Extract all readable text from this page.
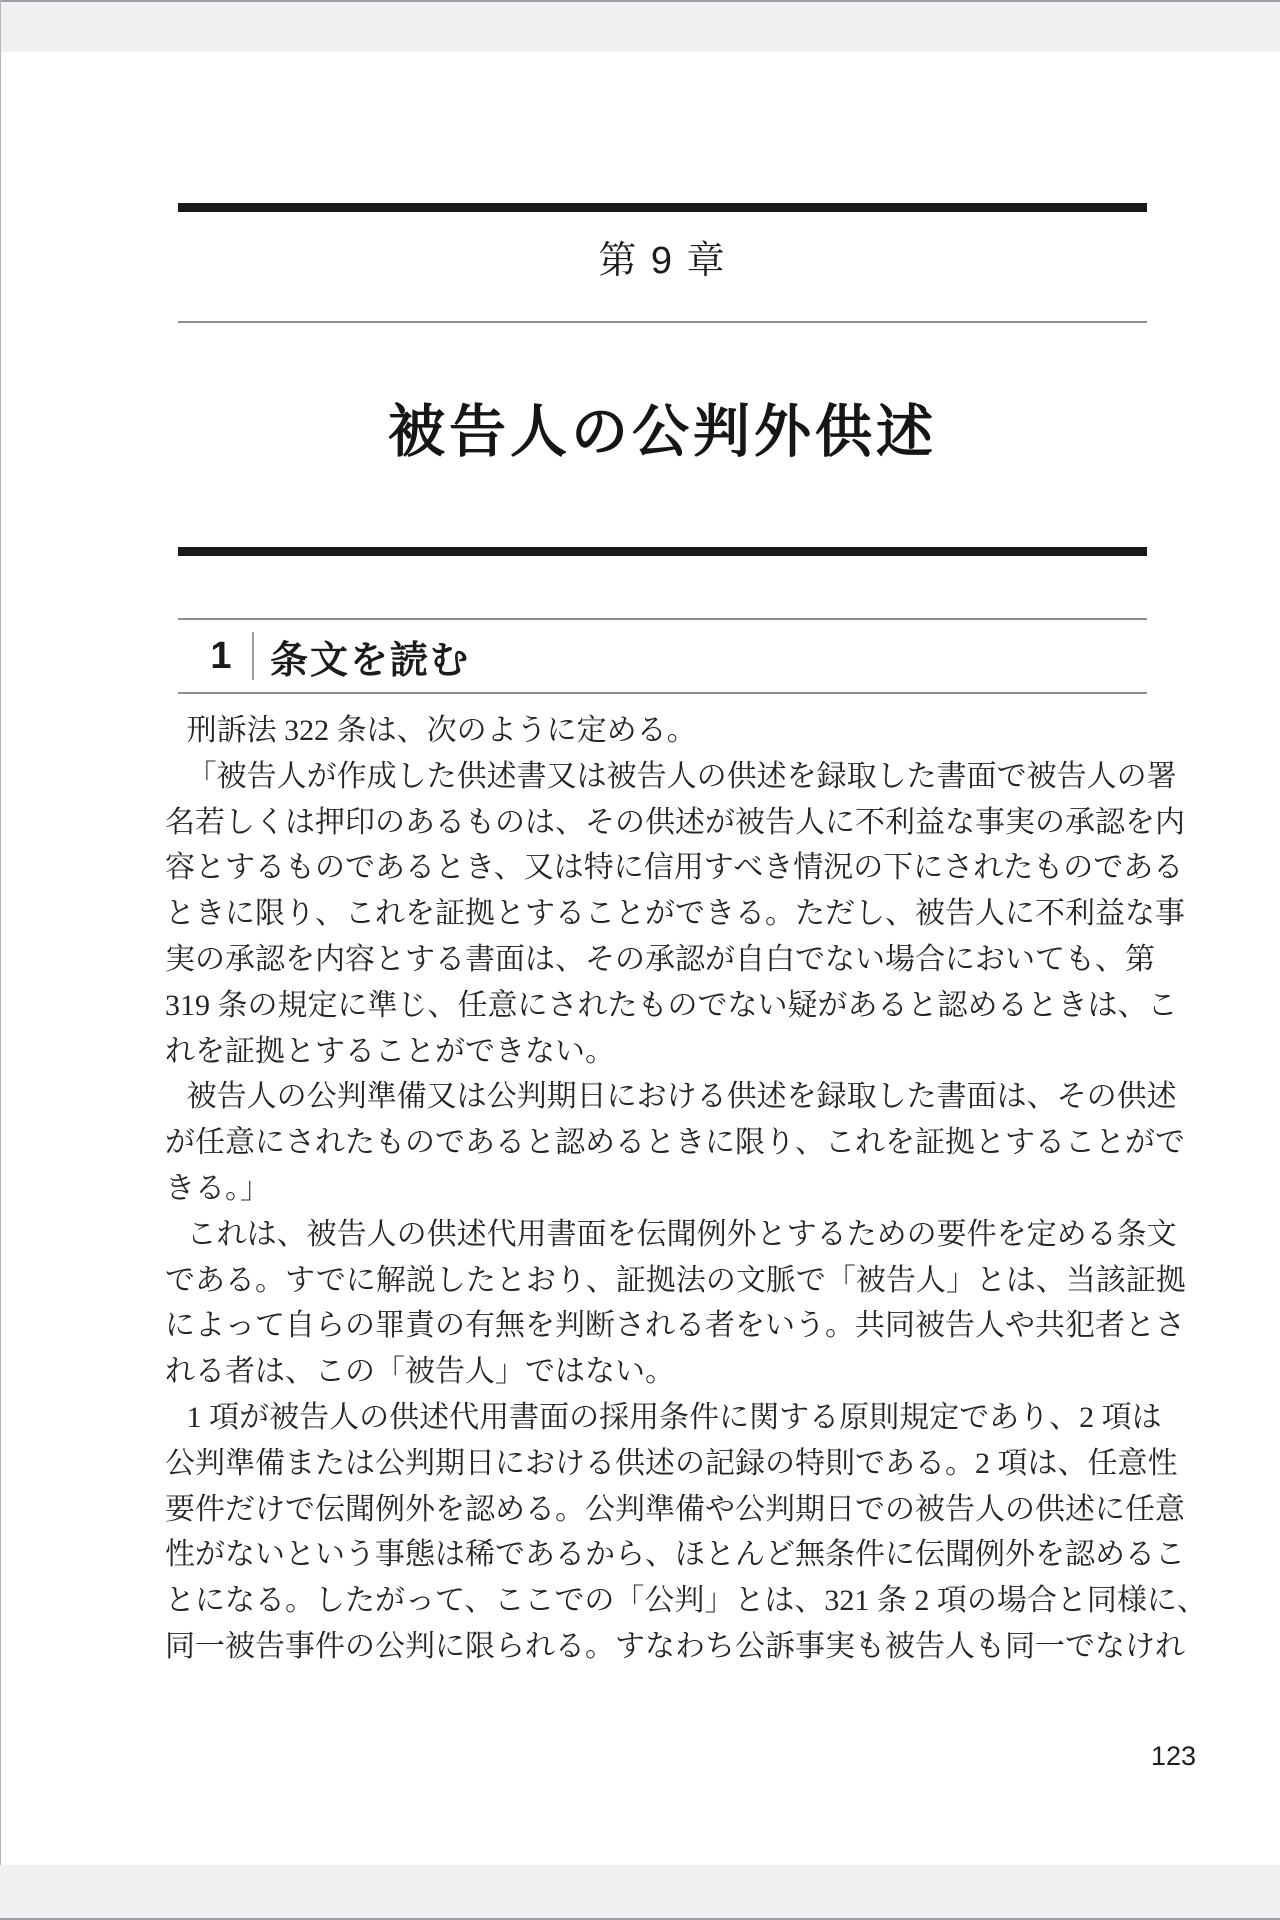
第 9 章
被告人の公判外供述
1 条文を読む
刑訴法 322 条は、次のように定める。
「被告人が作成した供述書又は被告人の供述を録取した書面で被告人の署
名若しくは押印のあるものは、その供述が被告人に不利益な事実の承認を内
容とするものであるとき、又は特に信用すべき情況の下にされたものである
ときに限り、これを証拠とすることができる。ただし、被告人に不利益な事
実の承認を内容とする書面は、その承認が自白でない場合においても、第
319 条の規定に準じ、任意にされたものでない疑があると認めるときは、こ
れを証拠とすることができない。
被告人の公判準備又は公判期日における供述を録取した書面は、その供述
が任意にされたものであると認めるときに限り、これを証拠とすることがで
きる。」
これは、被告人の供述代用書面を伝聞例外とするための要件を定める条文
である。すでに解説したとおり、証拠法の文脈で「被告人」とは、当該証拠
によって自らの罪責の有無を判断される者をいう。共同被告人や共犯者とさ
れる者は、この「被告人」ではない。
1 項が被告人の供述代用書面の採用条件に関する原則規定であり、2 項は
公判準備または公判期日における供述の記録の特則である。2 項は、任意性
要件だけで伝聞例外を認める。公判準備や公判期日での被告人の供述に任意
性がないという事態は稀であるから、ほとんど無条件に伝聞例外を認めるこ
とになる。したがって、ここでの「公判」とは、321 条 2 項の場合と同様に、
同一被告事件の公判に限られる。すなわち公訴事実も被告人も同一でなけれ
123
